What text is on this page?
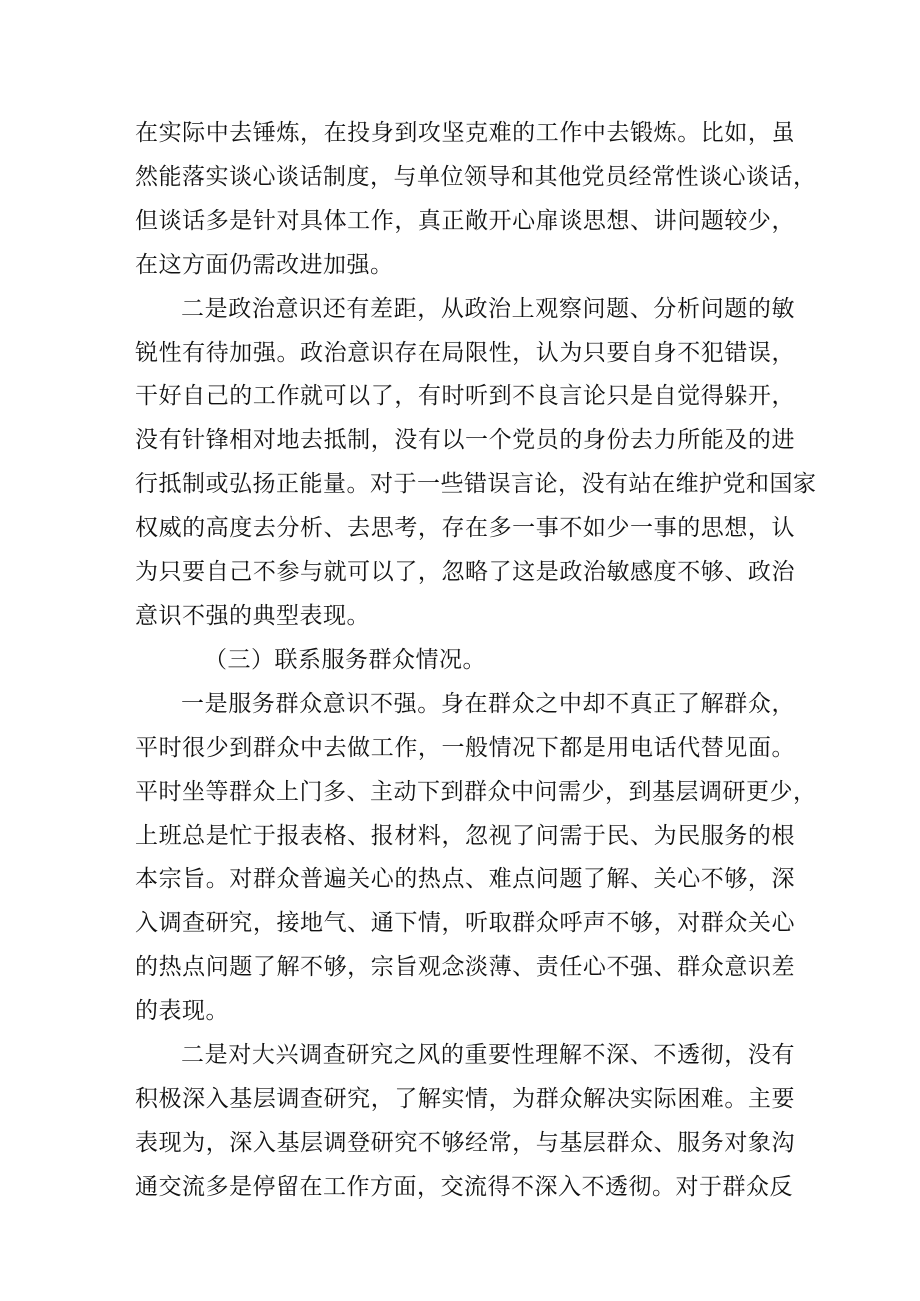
在实际中去锤炼，在投身到攻坚克难的工作中去锻炼。比如，虽
然能落实谈心谈话制度，与单位领导和其他党员经常性谈心谈话，
但谈话多是针对具体工作，真正敞开心扉谈思想、讲问题较少，
在这方面仍需改进加强。
二是政治意识还有差距，从政治上观察问题、分析问题的敏
锐性有待加强。政治意识存在局限性，认为只要自身不犯错误，
干好自己的工作就可以了，有时听到不良言论只是自觉得躲开，
没有针锋相对地去抵制，没有以一个党员的身份去力所能及的进
行抵制或弘扬正能量。对于一些错误言论，没有站在维护党和国家
权威的高度去分析、去思考，存在多一事不如少一事的思想，认
为只要自己不参与就可以了，忽略了这是政治敏感度不够、政治
意识不强的典型表现。
（三）联系服务群众情况。
一是服务群众意识不强。身在群众之中却不真正了解群众，
平时很少到群众中去做工作，一般情况下都是用电话代替见面。
平时坐等群众上门多、主动下到群众中问需少，到基层调研更少，
上班总是忙于报表格、报材料，忽视了问需于民、为民服务的根
本宗旨。对群众普遍关心的热点、难点问题了解、关心不够，深
入调查研究，接地气、通下情，听取群众呼声不够，对群众关心
的热点问题了解不够，宗旨观念淡薄、责任心不强、群众意识差
的表现。
二是对大兴调查研究之风的重要性理解不深、不透彻，没有
积极深入基层调查研究，了解实情，为群众解决实际困难。主要
表现为，深入基层调登研究不够经常，与基层群众、服务对象沟
通交流多是停留在工作方面，交流得不深入不透彻。对于群众反
